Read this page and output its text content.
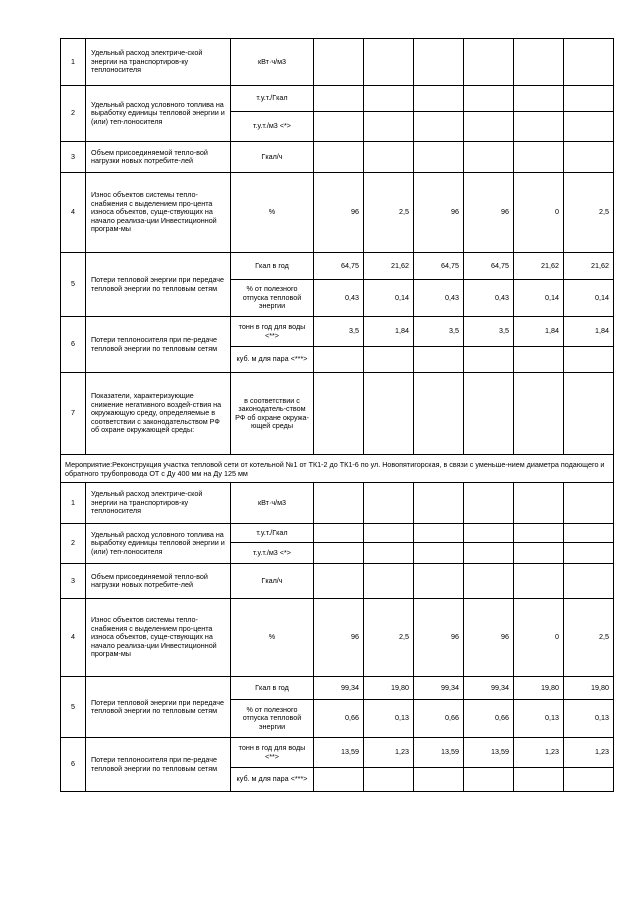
1	Удельный расход электриче-ской энергии на транспортиров-ку теплоносителя	кВт·ч/м3						
2	Удельный расход условного топлива на выработку единицы тепловой энергии и (или) теп-лоносителя	т.у.т./Гкал						
		т.у.т./м3 <*>						
3	Объем присоединяемой тепло-вой нагрузки новых потребите-лей	Гкал/ч						
4	Износ объектов системы тепло-снабжения с выделением про-цента износа объектов, суще-ствующих на начало реализа-ции Инвестиционной програм-мы	%	96	2,5	96	96	0	2,5
5	Потери тепловой энергии при передаче тепловой энергии по тепловым сетям	Гкал в год	64,75	21,62	64,75	64,75	21,62	21,62
		% от полезного отпуска тепловой энергии	0,43	0,14	0,43	0,43	0,14	0,14
6	Потери теплоносителя при пе-редаче тепловой энергии по тепловым сетям	тонн в год для воды <**>	3,5	1,84	3,5	3,5	1,84	1,84
		куб. м для пара <***>						
7	Показатели, характеризующие снижение негативного воздей-ствия на окружающую среду, определяемые в соответствии с законодательством РФ об охране окружающей среды:	в соответствии с законодатель-ством РФ об охране окружа-ющей среды						
Мероприятие:Реконструкция участка тепловой сети от котельной №1 от ТК1-2 до ТК1-6 по ул. Новопятигорская, в связи с уменьше-нием диаметра подающего и обратного трубопровода ОТ с Ду 400 мм на Ду 125 мм								
1	Удельный расход электриче-ской энергии на транспортиров-ку теплоносителя	кВт·ч/м3						
2	Удельный расход условного топлива на выработку единицы тепловой энергии и (или) теп-лоносителя	т.у.т./Гкал						
		т.у.т./м3 <*>						
3	Объем присоединяемой тепло-вой нагрузки новых потребите-лей	Гкал/ч						
4	Износ объектов системы тепло-снабжения с выделением про-цента износа объектов, суще-ствующих на начало реализа-ции Инвестиционной програм-мы	%	96	2,5	96	96	0	2,5
5	Потери тепловой энергии при передаче тепловой энергии по тепловым сетям	Гкал в год	99,34	19,80	99,34	99,34	19,80	19,80
		% от полезного отпуска тепловой энергии	0,66	0,13	0,66	0,66	0,13	0,13
6	Потери теплоносителя при пе-редаче тепловой энергии по тепловым сетям	тонн в год для воды <**>	13,59	1,23	13,59	13,59	1,23	1,23
		куб. м для пара <***>						
